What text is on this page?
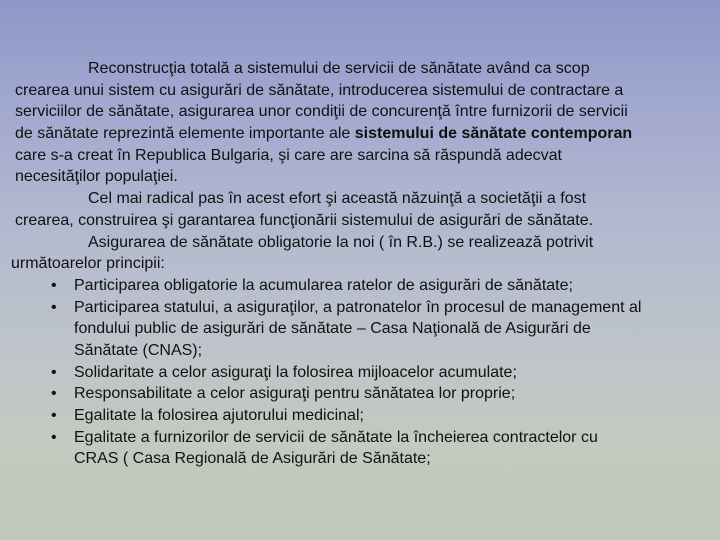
Reconstrucţia totală a sistemului de servicii de sănătate având ca scop
crearea unui sistem cu asigurări de sănătate, introducerea sistemului de contractare a
serviciilor de sănătate, asigurarea unor condiţii de concurenţă între furnizorii de servicii
de sănătate reprezintă elemente importante ale sistemului de sănătate contemporan
care s-a creat în Republica Bulgaria, şi care are sarcina să răspundă adecvat
necesităţilor populaţiei.
Cel mai radical pas în acest efort şi această năzuinţă a societăţii a fost
crearea, construirea şi garantarea funcţionării sistemului de asigurări de sănătate.
Asigurarea de sănătate obligatorie la noi ( în R.B.) se realizează potrivit
următoarelor principii:
• Participarea obligatorie la acumularea ratelor de asigurări de sănătate;
• Participarea statului, a asiguraţilor, a patronatelor în procesul de management al
fondului public de asigurări de sănătate – Casa Naţională de Asigurări de
Sănătate (CNAS);
• Solidaritate a celor asiguraţi la folosirea mijloacelor acumulate;
• Responsabilitate a celor asiguraţi pentru sănătatea lor proprie;
• Egalitate la folosirea ajutorului medicinal;
• Egalitate a furnizorilor de servicii de sănătate la încheierea contractelor cu
CRAS ( Casa Regională de Asigurări de Sănătate;
